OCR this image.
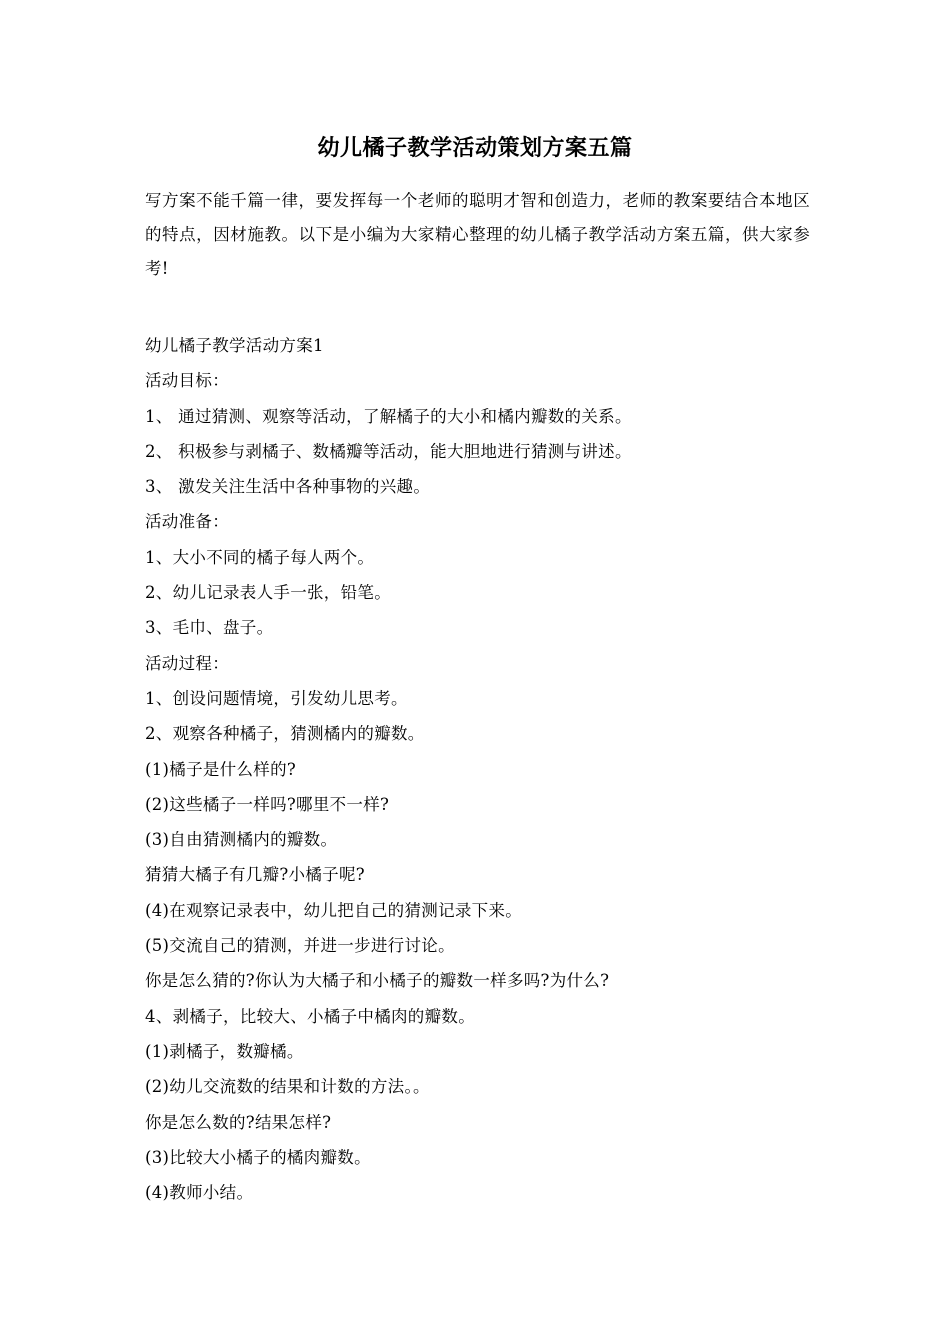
幼儿橘子教学活动策划方案五篇
写方案不能千篇一律，要发挥每一个老师的聪明才智和创造力，老师的教案要结合本地区的特点，因材施教。以下是小编为大家精心整理的幼儿橘子教学活动方案五篇，供大家参考!
幼儿橘子教学活动方案1
活动目标：
1、 通过猜测、观察等活动，了解橘子的大小和橘内瓣数的关系。
2、 积极参与剥橘子、数橘瓣等活动，能大胆地进行猜测与讲述。
3、 激发关注生活中各种事物的兴趣。
活动准备：
1、大小不同的橘子每人两个。
2、幼儿记录表人手一张，铅笔。
3、毛巾、盘子。
活动过程：
1、创设问题情境，引发幼儿思考。
2、观察各种橘子，猜测橘内的瓣数。
(1)橘子是什么样的?
(2)这些橘子一样吗?哪里不一样?
(3)自由猜测橘内的瓣数。
猜猜大橘子有几瓣?小橘子呢?
(4)在观察记录表中，幼儿把自己的猜测记录下来。
(5)交流自己的猜测，并进一步进行讨论。
你是怎么猜的?你认为大橘子和小橘子的瓣数一样多吗?为什么?
4、剥橘子，比较大、小橘子中橘肉的瓣数。
(1)剥橘子，数瓣橘。
(2)幼儿交流数的结果和计数的方法。。
你是怎么数的?结果怎样?
(3)比较大小橘子的橘肉瓣数。
(4)教师小结。
